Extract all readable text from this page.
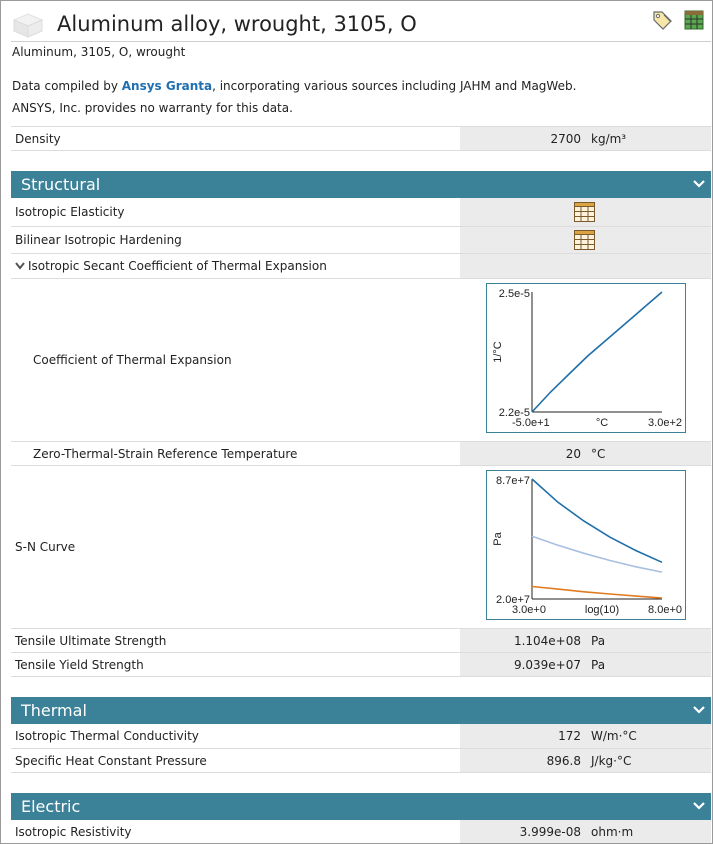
Aluminum alloy, wrought, 3105, O
Aluminum, 3105, O, wrought
Data compiled by Ansys Granta, incorporating various sources including JAHM and MagWeb.
ANSYS, Inc. provides no warranty for this data.
Density	2700 kg/m³
Structural
Isotropic Elasticity
Bilinear Isotropic Hardening
Isotropic Secant Coefficient of Thermal Expansion
Coefficient of Thermal Expansion
2.2e-5
2.5e-5
-5.0e+1	3.0e+2
°C
1/°C
Zero-Thermal-Strain Reference Temperature	20 °C
S-N Curve
2.0e+7
8.7e+7
3.0e+0	8.0e+0
log(10)
Pa
Tensile Ultimate Strength	1.104e+08 Pa
Tensile Yield Strength	9.039e+07 Pa
Thermal
Isotropic Thermal Conductivity	172 W/m·°C
Specific Heat Constant Pressure	896.8 J/kg·°C
Electric
Isotropic Resistivity	3.999e-08 ohm·m
